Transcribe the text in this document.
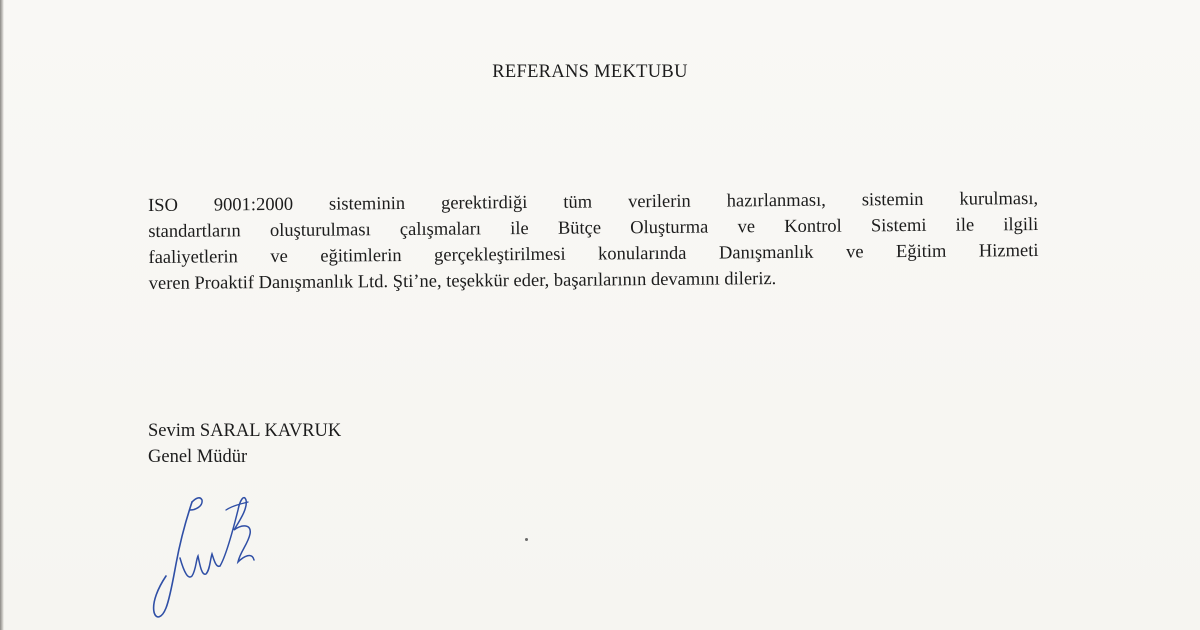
REFERANS MEKTUBU

ISO 9001:2000 sisteminin gerektirdiği tüm verilerin hazırlanması, sistemin kurulması,
standartların oluşturulması çalışmaları ile Bütçe Oluşturma ve Kontrol Sistemi ile ilgili
faaliyetlerin ve eğitimlerin gerçekleştirilmesi konularında Danışmanlık ve Eğitim Hizmeti
veren Proaktif Danışmanlık Ltd. Şti’ne, teşekkür eder, başarılarının devamını dileriz.

Sevim SARAL KAVRUK
Genel Müdür
